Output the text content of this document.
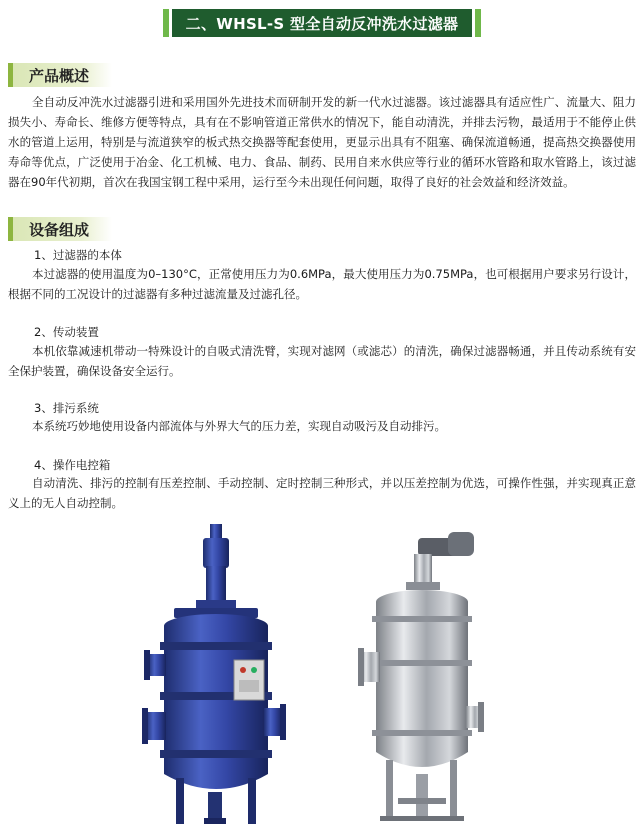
二、WHSL-S 型全自动反冲洗水过滤器
产品概述
全自动反冲洗水过滤器引进和采用国外先进技术而研制开发的新一代水过滤器。该过滤器具有适应性广、流量大、阻力损失小、寿命长、维修方便等特点，具有在不影响管道正常供水的情况下，能自动清洗，并排去污物，最适用于不能停止供水的管道上运用，特别是与流道狭窄的板式热交换器等配套使用，更显示出具有不阻塞、确保流道畅通，提高热交换器使用寿命等优点，广泛使用于冶金、化工机械、电力、食品、制药、民用自来水供应等行业的循环水管路和取水管路上，该过滤器在90年代初期，首次在我国宝钢工程中采用，运行至今未出现任何问题，取得了良好的社会效益和经济效益。
设备组成
1、过滤器的本体
本过滤器的使用温度为0–130°C，正常使用压力为0.6MPa，最大使用压力为0.75MPa，也可根据用户要求另行设计，根据不同的工况设计的过滤器有多种过滤流量及过滤孔径。
2、传动装置
本机依靠减速机带动一特殊设计的自吸式清洗臂，实现对滤网（或滤芯）的清洗，确保过滤器畅通，并且传动系统有安全保护装置，确保设备安全运行。
3、排污系统
本系统巧妙地使用设备内部流体与外界大气的压力差，实现自动吸污及自动排污。
4、操作电控箱
自动清洗、排污的控制有压差控制、手动控制、定时控制三种形式，并以压差控制为优选，可操作性强，并实现真正意义上的无人自动控制。
